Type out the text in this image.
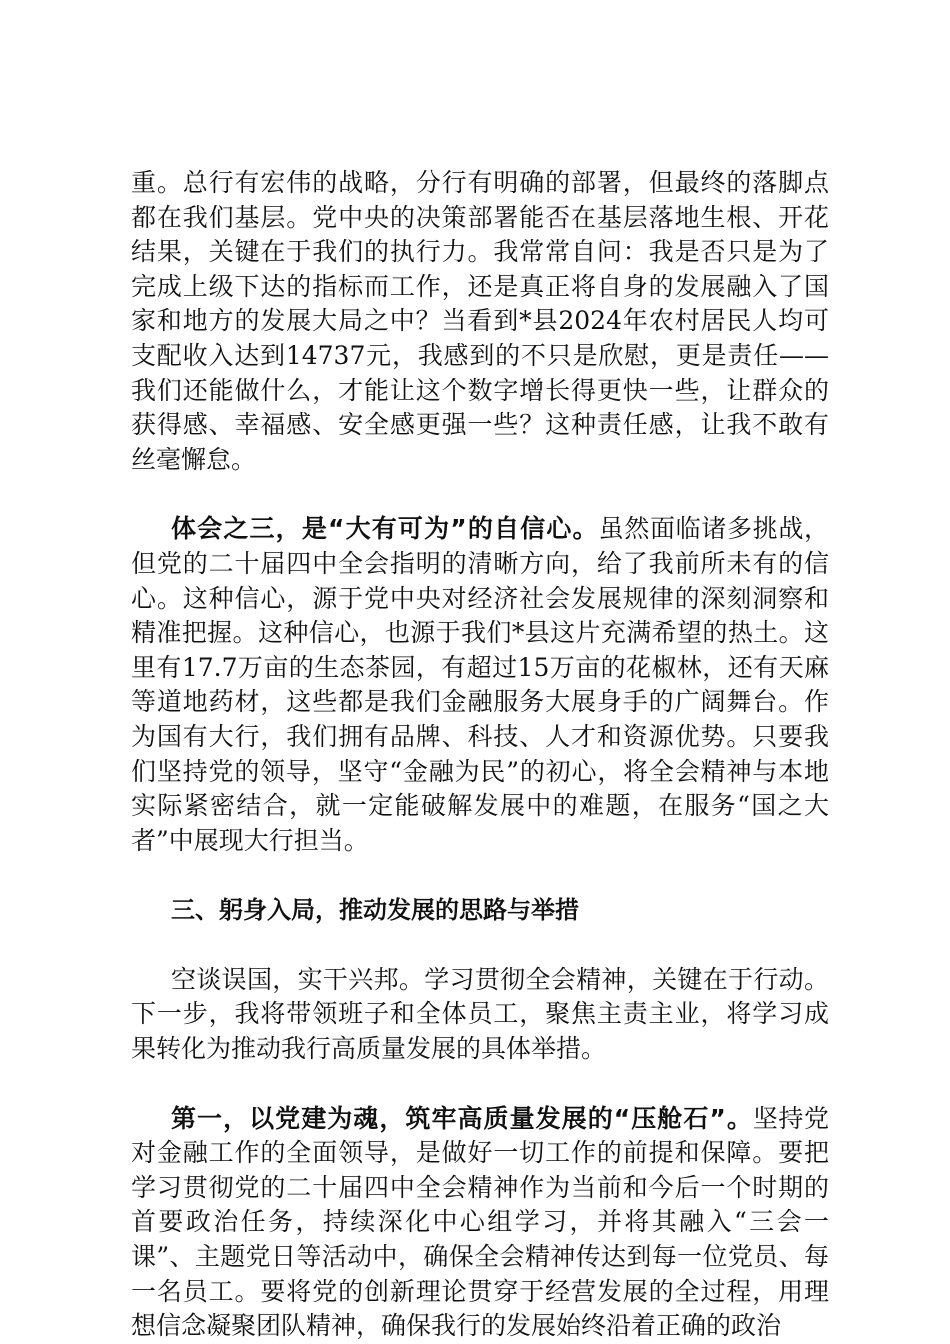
重。总行有宏伟的战略，分行有明确的部署，但最终的落脚点都在我们基层。党中央的决策部署能否在基层落地生根、开花结果，关键在于我们的执行力。我常常自问：我是否只是为了完成上级下达的指标而工作，还是真正将自身的发展融入了国家和地方的发展大局之中？当看到*县2024年农村居民人均可支配收入达到14737元，我感到的不只是欣慰，更是责任——我们还能做什么，才能让这个数字增长得更快一些，让群众的获得感、幸福感、安全感更强一些？这种责任感，让我不敢有丝毫懈怠。

体会之三，是“大有可为”的自信心。虽然面临诸多挑战，但党的二十届四中全会指明的清晰方向，给了我前所未有的信心。这种信心，源于党中央对经济社会发展规律的深刻洞察和精准把握。这种信心，也源于我们*县这片充满希望的热土。这里有17.7万亩的生态茶园，有超过15万亩的花椒林，还有天麻等道地药材，这些都是我们金融服务大展身手的广阔舞台。作为国有大行，我们拥有品牌、科技、人才和资源优势。只要我们坚持党的领导，坚守“金融为民”的初心，将全会精神与本地实际紧密结合，就一定能破解发展中的难题，在服务“国之大者”中展现大行担当。

三、躬身入局，推动发展的思路与举措

空谈误国，实干兴邦。学习贯彻全会精神，关键在于行动。下一步，我将带领班子和全体员工，聚焦主责主业，将学习成果转化为推动我行高质量发展的具体举措。

第一，以党建为魂，筑牢高质量发展的“压舱石”。坚持党对金融工作的全面领导，是做好一切工作的前提和保障。要把学习贯彻党的二十届四中全会精神作为当前和今后一个时期的首要政治任务，持续深化中心组学习，并将其融入“三会一课”、主题党日等活动中，确保全会精神传达到每一位党员、每一名员工。要将党的创新理论贯穿于经营发展的全过程，用理想信念凝聚团队精神，确保我行的发展始终沿着正确的政治
